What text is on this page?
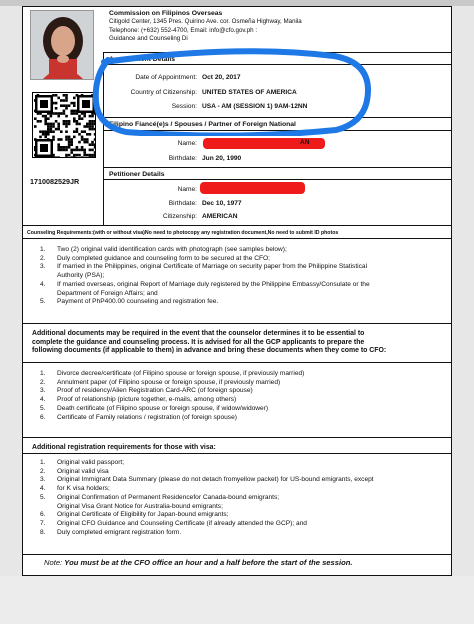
1710082529JR
Commission on Filipinos Overseas
Citigold Center, 1345 Pres. Quirino Ave. cor. Osmeña Highway, Manila
Telephone: (+632) 552-4700, Email: info@cfo.gov.ph :
Guidance and Counseling Di
Appointment Details
Date of Appointment: Oct 20, 2017
Country of Citizenship: UNITED STATES OF AMERICA
Session: USA - AM (SESSION 1) 9AM-12NN
Filipino Fiancé(e)s / Spouses / Partner of Foreign National
Name:	AN
Birthdate: Jun 20, 1990
Petitioner Details
Name:
Birthdate: Dec 10, 1977
Citizenship: AMERICAN
Counseling Requirements:(with or without visa)No need to photocopy any registration document,No need to submit ID photos
1. Two (2) original valid identification cards with photograph (see samples below);
2. Duly completed guidance and counseling form to be secured at the CFO;
3. If married in the Philippines, original Certificate of Marriage on security paper from the Philippine Statistical
Authority (PSA);
4. If married overseas, original Report of Marriage duly registered by the Philippine Embassy/Consulate or the
Department of Foreign Affairs; and
5. Payment of PhP400.00 counseling and registration fee.
Additional documents may be required in the event that the counselor determines it to be essential to
complete the guidance and counseling process. It is advised for all the GCP applicants to prepare the
following documents (if applicable to them) in advance and bring these documents when they come to CFO:
1. Divorce decree/certificate (of Filipino spouse or foreign spouse, if previously married)
2. Annulment paper (of Filipino spouse or foreign spouse, if previously married)
3. Proof of residency/Alien Registration Card-ARC (of foreign spouse)
4. Proof of relationship (picture together, e-mails, among others)
5. Death certificate (of Filipino spouse or foreign spouse, if widow/widower)
6. Certificate of Family relations / registration (of foreign spouse)
Additional registration requirements for those with visa:
1. Original valid passport;
2. Original valid visa
3. Original Immigrant Data Summary (please do not detach fromyellow packet) for US-bound emigrants, except
4. for K visa holders;
5. Original Confirmation of Permanent Residencefor Canada-bound emigrants;
Original Visa Grant Notice for Australia-bound emigrants;
6. Original Certificate of Eligibility for Japan-bound emigrants;
7. Original CFO Guidance and Counseling Certificate (if already attended the GCP); and
8. Duly completed emigrant registration form.
Note: You must be at the CFO office an hour and a half before the start of the session.
